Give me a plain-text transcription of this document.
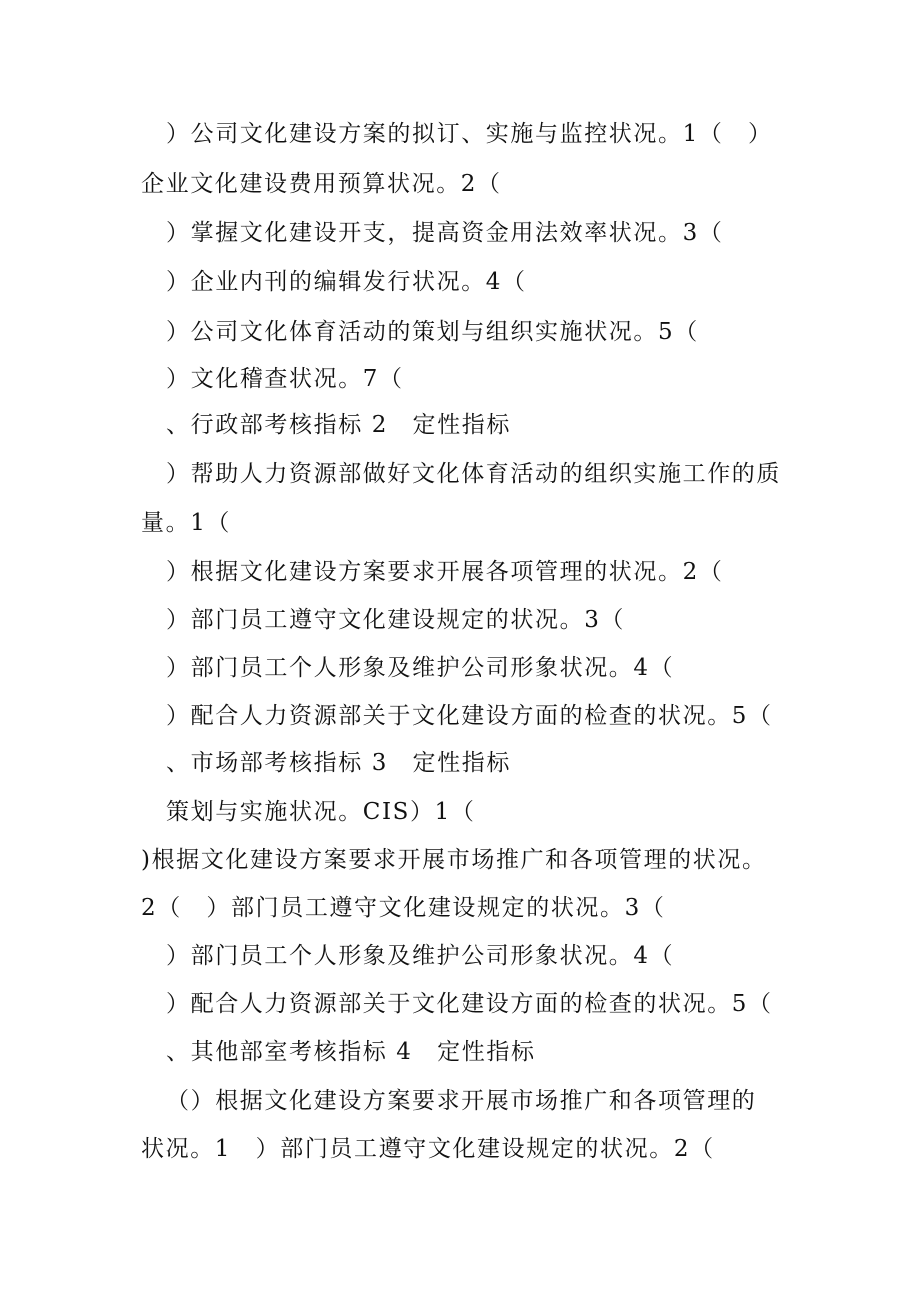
）公司文化建设方案的拟订、实施与监控状况。1（　）
企业文化建设费用预算状况。2（
）掌握文化建设开支，提高资金用法效率状况。3（
）企业内刊的编辑发行状况。4（
）公司文化体育活动的策划与组织实施状况。5（
）文化稽查状况。7（
、行政部考核指标 2　定性指标
）帮助人力资源部做好文化体育活动的组织实施工作的质
量。1（
）根据文化建设方案要求开展各项管理的状况。2（
）部门员工遵守文化建设规定的状况。3（
）部门员工个人形象及维护公司形象状况。4（
）配合人力资源部关于文化建设方面的检查的状况。5（
、市场部考核指标 3　定性指标
策划与实施状况。CIS）1（
)根据文化建设方案要求开展市场推广和各项管理的状况。
2（　）部门员工遵守文化建设规定的状况。3（
）部门员工个人形象及维护公司形象状况。4（
）配合人力资源部关于文化建设方面的检查的状况。5（
、其他部室考核指标 4　定性指标
（）根据文化建设方案要求开展市场推广和各项管理的
状况。1　）部门员工遵守文化建设规定的状况。2（
